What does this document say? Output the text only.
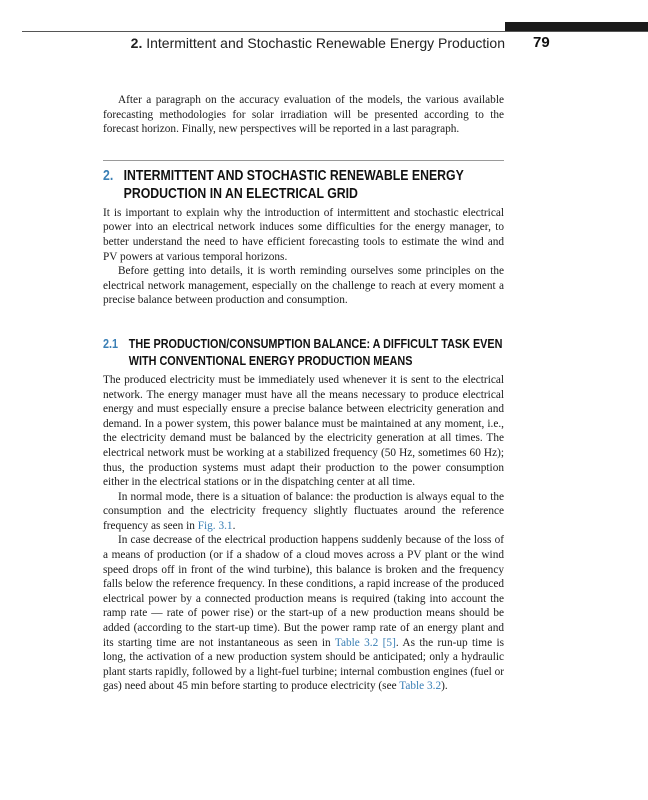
2. Intermittent and Stochastic Renewable Energy Production 79

After a paragraph on the accuracy evaluation of the models, the various available forecasting methodologies for solar irradiation will be presented according to the forecast horizon. Finally, new perspectives will be reported in a last paragraph.

2. INTERMITTENT AND STOCHASTIC RENEWABLE ENERGY PRODUCTION IN AN ELECTRICAL GRID

It is important to explain why the introduction of intermittent and stochastic electrical power into an electrical network induces some difficulties for the energy manager, to better understand the need to have efficient forecasting tools to estimate the wind and PV powers at various temporal horizons.

Before getting into details, it is worth reminding ourselves some principles on the electrical network management, especially on the challenge to reach at every moment a precise balance between production and consumption.

2.1 THE PRODUCTION/CONSUMPTION BALANCE: A DIFFICULT TASK EVEN WITH CONVENTIONAL ENERGY PRODUCTION MEANS

The produced electricity must be immediately used whenever it is sent to the electrical network. The energy manager must have all the means necessary to produce electrical energy and must especially ensure a precise balance between electricity generation and demand. In a power system, this power balance must be maintained at any moment, i.e., the electricity demand must be balanced by the electricity generation at all times. The electrical network must be working at a stabilized frequency (50 Hz, sometimes 60 Hz); thus, the production systems must adapt their production to the power consumption either in the electrical stations or in the dispatching center at all time.

In normal mode, there is a situation of balance: the production is always equal to the consumption and the electricity frequency slightly fluctuates around the reference frequency as seen in Fig. 3.1.

In case decrease of the electrical production happens suddenly because of the loss of a means of production (or if a shadow of a cloud moves across a PV plant or the wind speed drops off in front of the wind turbine), this balance is broken and the frequency falls below the reference frequency. In these conditions, a rapid increase of the produced electrical power by a connected production means is required (taking into account the ramp rate — rate of power rise) or the start-up of a new production means should be added (according to the start-up time). But the power ramp rate of an energy plant and its starting time are not instantaneous as seen in Table 3.2 [5]. As the run-up time is long, the activation of a new production system should be anticipated; only a hydraulic plant starts rapidly, followed by a light-fuel turbine; internal combustion engines (fuel or gas) need about 45 min before starting to produce electricity (see Table 3.2).
